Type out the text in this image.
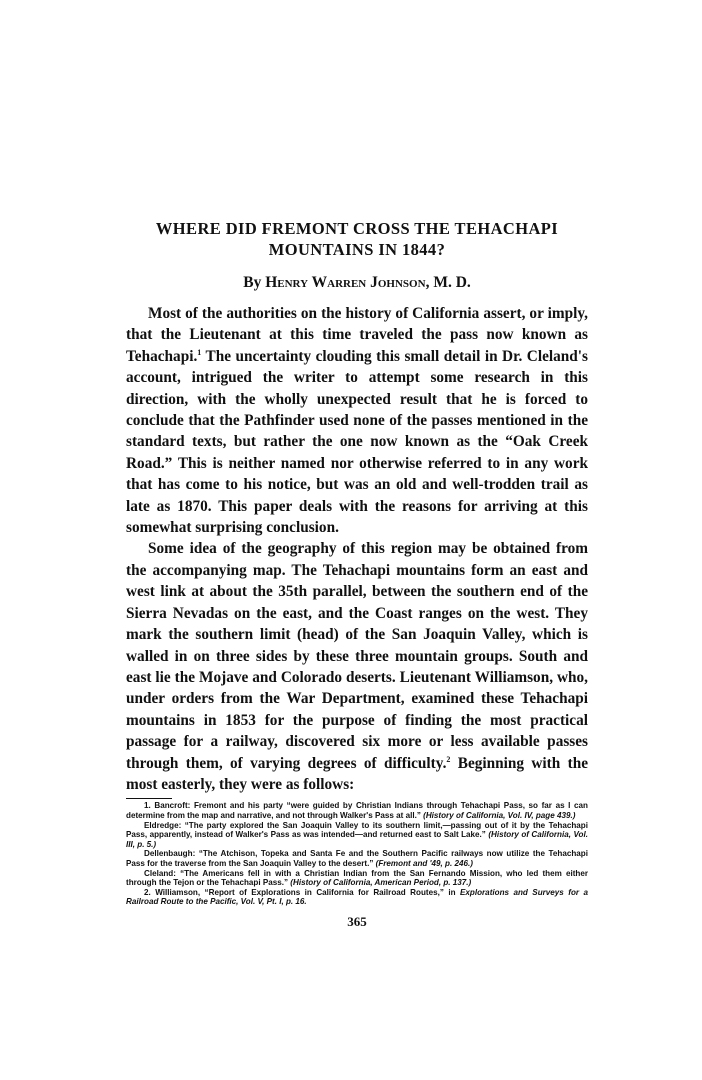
WHERE DID FREMONT CROSS THE TEHACHAPI
MOUNTAINS IN 1844?
By Henry Warren Johnson, M. D.

Most of the authorities on the history of California assert, or imply, that the Lieutenant at this time traveled the pass now known as Tehachapi.$^1$ The uncertainty clouding this small detail in Dr. Cleland's account, intrigued the writer to attempt some research in this direction, with the wholly unexpected result that he is forced to conclude that the Pathfinder used none of the passes mentioned in the standard texts, but rather the one now known as the “Oak Creek Road.” This is neither named nor otherwise referred to in any work that has come to his notice, but was an old and well-trodden trail as late as 1870. This paper deals with the reasons for arriving at this somewhat surprising conclusion.

Some idea of the geography of this region may be obtained from the accompanying map. The Tehachapi mountains form an east and west link at about the 35th parallel, between the southern end of the Sierra Nevadas on the east, and the Coast ranges on the west. They mark the southern limit (head) of the San Joaquin Valley, which is walled in on three sides by these three mountain groups. South and east lie the Mojave and Colorado deserts. Lieutenant Williamson, who, under orders from the War Department, examined these Tehachapi mountains in 1853 for the purpose of finding the most practical passage for a railway, discovered six more or less available passes through them, of varying degrees of difficulty.$^2$ Beginning with the most easterly, they were as follows:

1. Bancroft: Fremont and his party “were guided by Christian Indians through Tehachapi Pass, so far as I can determine from the map and narrative, and not through Walker's Pass at all.” (History of California, Vol. IV, page 439.)

Eldredge: “The party explored the San Joaquin Valley to its southern limit,—passing out of it by the Tehachapi Pass, apparently, instead of Walker's Pass as was intended—and returned east to Salt Lake.” (History of California, Vol. III, p. 5.)

Dellenbaugh: “The Atchison, Topeka and Santa Fe and the Southern Pacific railways now utilize the Tehachapi Pass for the traverse from the San Joaquin Valley to the desert.” (Fremont and '49, p. 246.)

Cleland: “The Americans fell in with a Christian Indian from the San Fernando Mission, who led them either through the Tejon or the Tehachapi Pass.” (History of California, American Period, p. 137.)

2. Williamson, “Report of Explorations in California for Railroad Routes,” in Explorations and Surveys for a Railroad Route to the Pacific, Vol. V, Pt. I, p. 16.

365
